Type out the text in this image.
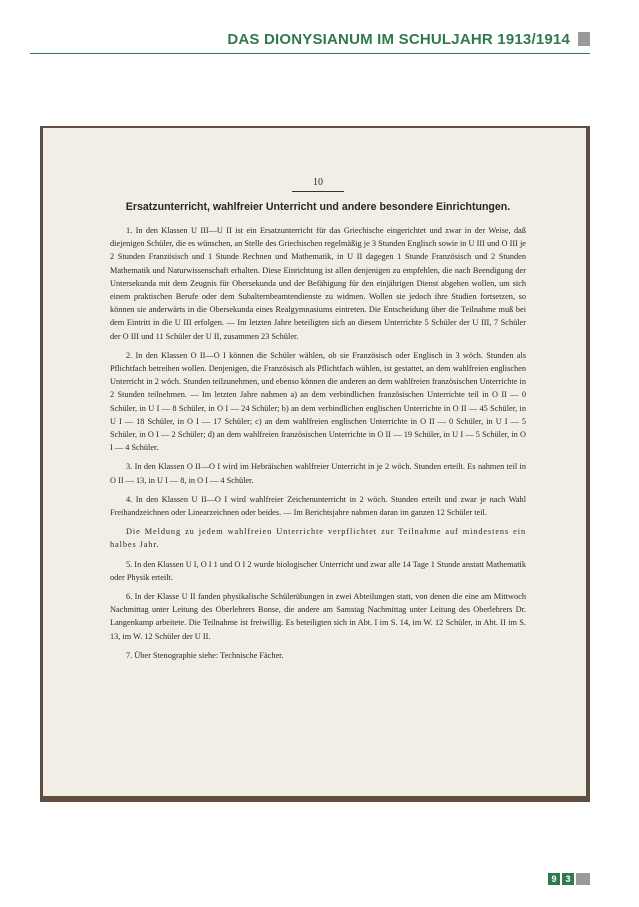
DAS DIONYSIANUM IM SCHULJAHR 1913/1914
10
Ersatzunterricht, wahlfreier Unterricht und andere besondere Einrichtungen.

1. In den Klassen U III—U II ist ein Ersatzunterricht für das Griechische eingerichtet und zwar in der Weise, daß diejenigen Schüler, die es wünschen, an Stelle des Griechischen regelmäßig je 3 Stunden Englisch sowie in U III und O III je 2 Stunden Französisch und 1 Stunde Rechnen und Mathematik, in U II dagegen 1 Stunde Französisch und 2 Stunden Mathematik und Naturwissenschaft erhalten. Diese Einrichtung ist allen denjenigen zu empfehlen, die nach Beendigung der Untersekunda mit dem Zeugnis für Obersekunda und der Befähigung für den einjährigen Dienst abgehen wollen, um sich einem praktischen Berufe oder dem Subalternbeamtendienste zu widmen. Wollen sie jedoch ihre Studien fortsetzen, so können sie anderwärts in die Obersekunda eines Realgymnasiums eintreten. Die Entscheidung über die Teilnahme muß bei dem Eintritt in die U III erfolgen. — Im letzten Jahre beteiligten sich an diesem Unterrichte 5 Schüler der U III, 7 Schüler der O III und 11 Schüler der U II, zusammen 23 Schüler.

2. In den Klassen O II—O I können die Schüler wählen, ob sie Französisch oder Englisch in 3 wöch. Stunden als Pflichtfach betreiben wollen. Denjenigen, die Französisch als Pflichtfach wählen, ist gestattet, an dem wahlfreien englischen Unterricht in 2 wöch. Stunden teilzunehmen, und ebenso können die anderen an dem wahlfreien französischen Unterrichte in 2 Stunden teilnehmen. — Im letzten Jahre nahmen a) an dem verbindlichen französischen Unterrichte teil in O II — 0 Schüler, in U I — 8 Schüler, in O I — 24 Schüler; b) an dem verbindlichen englischen Unterrichte in O II — 45 Schüler, in U I — 18 Schüler, in O I — 17 Schüler; c) an dem wahlfreien englischen Unterrichte in O II — 0 Schüler, in U I — 5 Schüler, in O I — 2 Schüler; d) an dem wahlfreien französischen Unterrichte in O II — 19 Schüler, in U I — 5 Schüler, in O I — 4 Schüler.

3. In den Klassen O II—O I wird im Hebräischen wahlfreier Unterricht in je 2 wöch. Stunden erteilt. Es nahmen teil in O II — 13, in U I — 8, in O I — 4 Schüler.

4. In den Klassen U II—O I wird wahlfreier Zeichenunterricht in 2 wöch. Stunden erteilt und zwar je nach Wahl Freihandzeichnen oder Linearzeichnen oder beides. — Im Berichtsjahre nahmen daran im ganzen 12 Schüler teil.

Die Meldung zu jedem wahlfreien Unterrichte verpflichtet zur Teilnahme auf mindestens ein halbes Jahr.

5. In den Klassen U I, O I 1 und O I 2 wurde biologischer Unterricht und zwar alle 14 Tage 1 Stunde anstatt Mathematik oder Physik erteilt.

6. In der Klasse U II fanden physikalische Schülerübungen in zwei Abteilungen statt, von denen die eine am Mittwoch Nachmittag unter Leitung des Oberlehrers Bonse, die andere am Samstag Nachmittag unter Leitung des Oberlehrers Dr. Langenkamp arbeitete. Die Teilnahme ist freiwillig. Es beteiligten sich in Abt. I im S. 14, im W. 12 Schüler, in Abt. II im S. 13, im W. 12 Schüler der U II.

7. Über Stenographie siehe: Technische Fächer.

9 3
